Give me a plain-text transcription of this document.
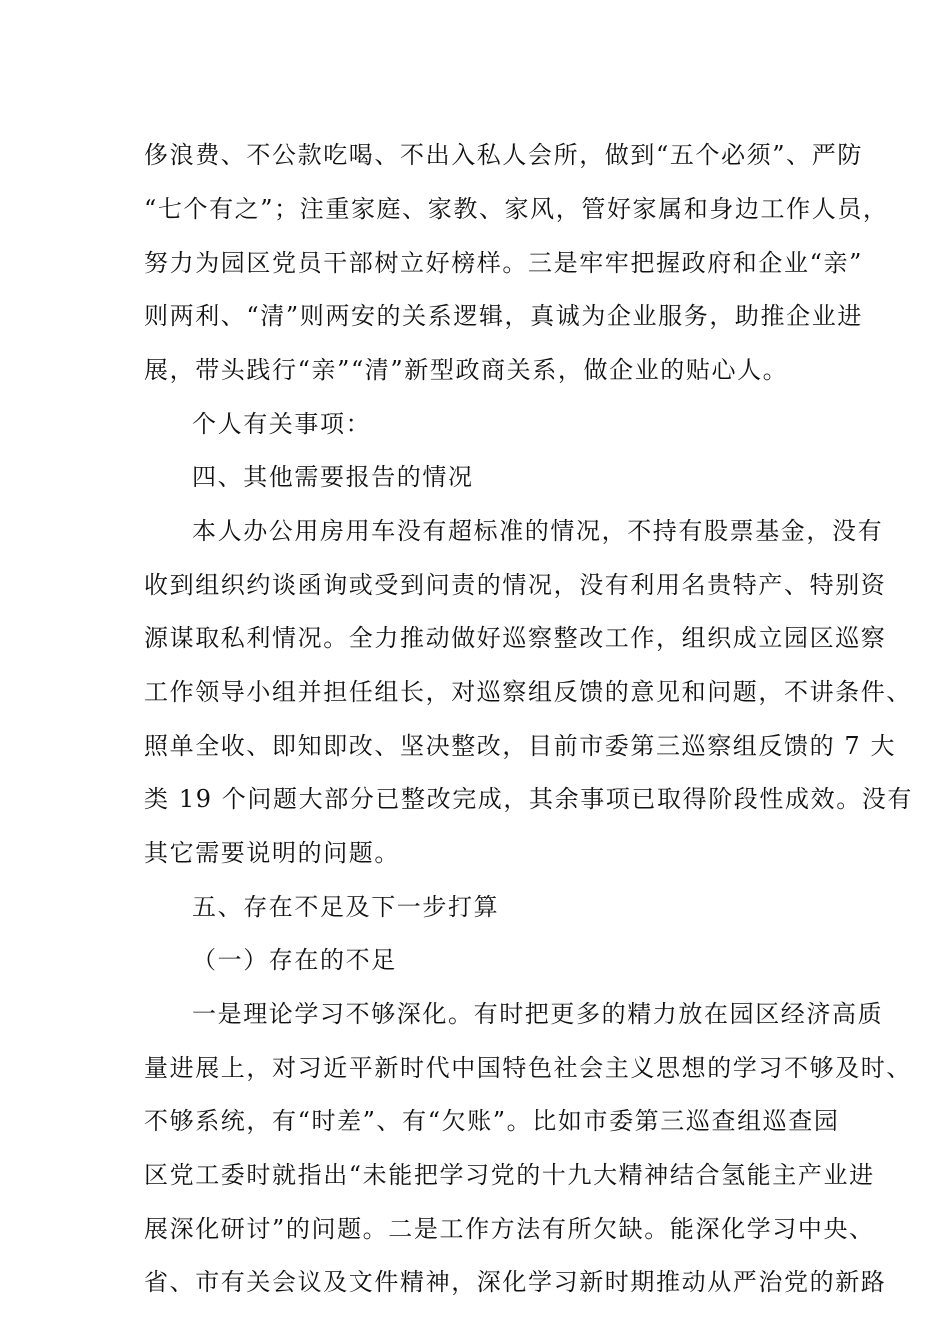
侈浪费、不公款吃喝、不出入私人会所，做到“五个必须”、严防
“七个有之”；注重家庭、家教、家风，管好家属和身边工作人员，
努力为园区党员干部树立好榜样。三是牢牢把握政府和企业“亲”
则两利、“清”则两安的关系逻辑，真诚为企业服务，助推企业进
展，带头践行“亲”“清”新型政商关系，做企业的贴心人。
个人有关事项：
四、其他需要报告的情况
本人办公用房用车没有超标准的情况，不持有股票基金，没有
收到组织约谈函询或受到问责的情况，没有利用名贵特产、特别资
源谋取私利情况。全力推动做好巡察整改工作，组织成立园区巡察
工作领导小组并担任组长，对巡察组反馈的意见和问题，不讲条件、
照单全收、即知即改、坚决整改，目前市委第三巡察组反馈的 7 大
类 19 个问题大部分已整改完成，其余事项已取得阶段性成效。没有
其它需要说明的问题。
五、存在不足及下一步打算
（一）存在的不足
一是理论学习不够深化。有时把更多的精力放在园区经济高质
量进展上，对习近平新时代中国特色社会主义思想的学习不够及时、
不够系统，有“时差”、有“欠账”。比如市委第三巡查组巡查园
区党工委时就指出“未能把学习党的十九大精神结合氢能主产业进
展深化研讨”的问题。二是工作方法有所欠缺。能深化学习中央、
省、市有关会议及文件精神，深化学习新时期推动从严治党的新路
